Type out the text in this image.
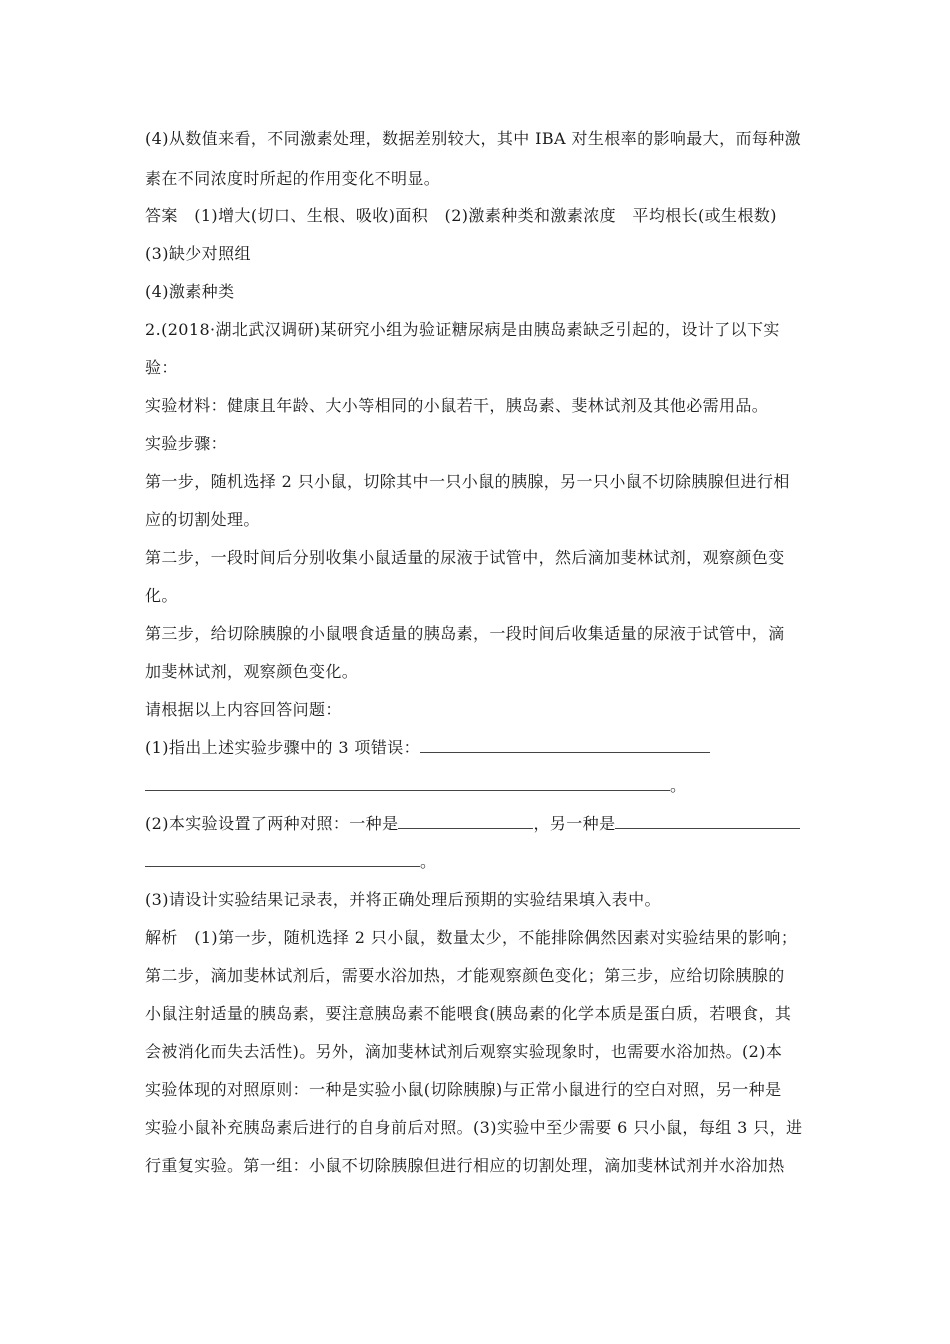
(4)从数值来看，不同激素处理，数据差别较大，其中 IBA 对生根率的影响最大，而每种激
素在不同浓度时所起的作用变化不明显。
答案　(1)增大(切口、生根、吸收)面积　(2)激素种类和激素浓度　平均根长(或生根数)
(3)缺少对照组
(4)激素种类
2.(2018·湖北武汉调研)某研究小组为验证糖尿病是由胰岛素缺乏引起的，设计了以下实
验：
实验材料：健康且年龄、大小等相同的小鼠若干，胰岛素、斐林试剂及其他必需用品。
实验步骤：
第一步，随机选择 2 只小鼠，切除其中一只小鼠的胰腺，另一只小鼠不切除胰腺但进行相
应的切割处理。
第二步，一段时间后分别收集小鼠适量的尿液于试管中，然后滴加斐林试剂，观察颜色变
化。
第三步，给切除胰腺的小鼠喂食适量的胰岛素，一段时间后收集适量的尿液于试管中，滴
加斐林试剂，观察颜色变化。
请根据以上内容回答问题：
(1)指出上述实验步骤中的 3 项错误：
。
(2)本实验设置了两种对照：一种是	，另一种是
。
(3)请设计实验结果记录表，并将正确处理后预期的实验结果填入表中。
解析　(1)第一步，随机选择 2 只小鼠，数量太少，不能排除偶然因素对实验结果的影响；
第二步，滴加斐林试剂后，需要水浴加热，才能观察颜色变化；第三步，应给切除胰腺的
小鼠注射适量的胰岛素，要注意胰岛素不能喂食(胰岛素的化学本质是蛋白质，若喂食，其
会被消化而失去活性)。另外，滴加斐林试剂后观察实验现象时，也需要水浴加热。(2)本
实验体现的对照原则：一种是实验小鼠(切除胰腺)与正常小鼠进行的空白对照，另一种是
实验小鼠补充胰岛素后进行的自身前后对照。(3)实验中至少需要 6 只小鼠，每组 3 只，进
行重复实验。第一组：小鼠不切除胰腺但进行相应的切割处理，滴加斐林试剂并水浴加热
